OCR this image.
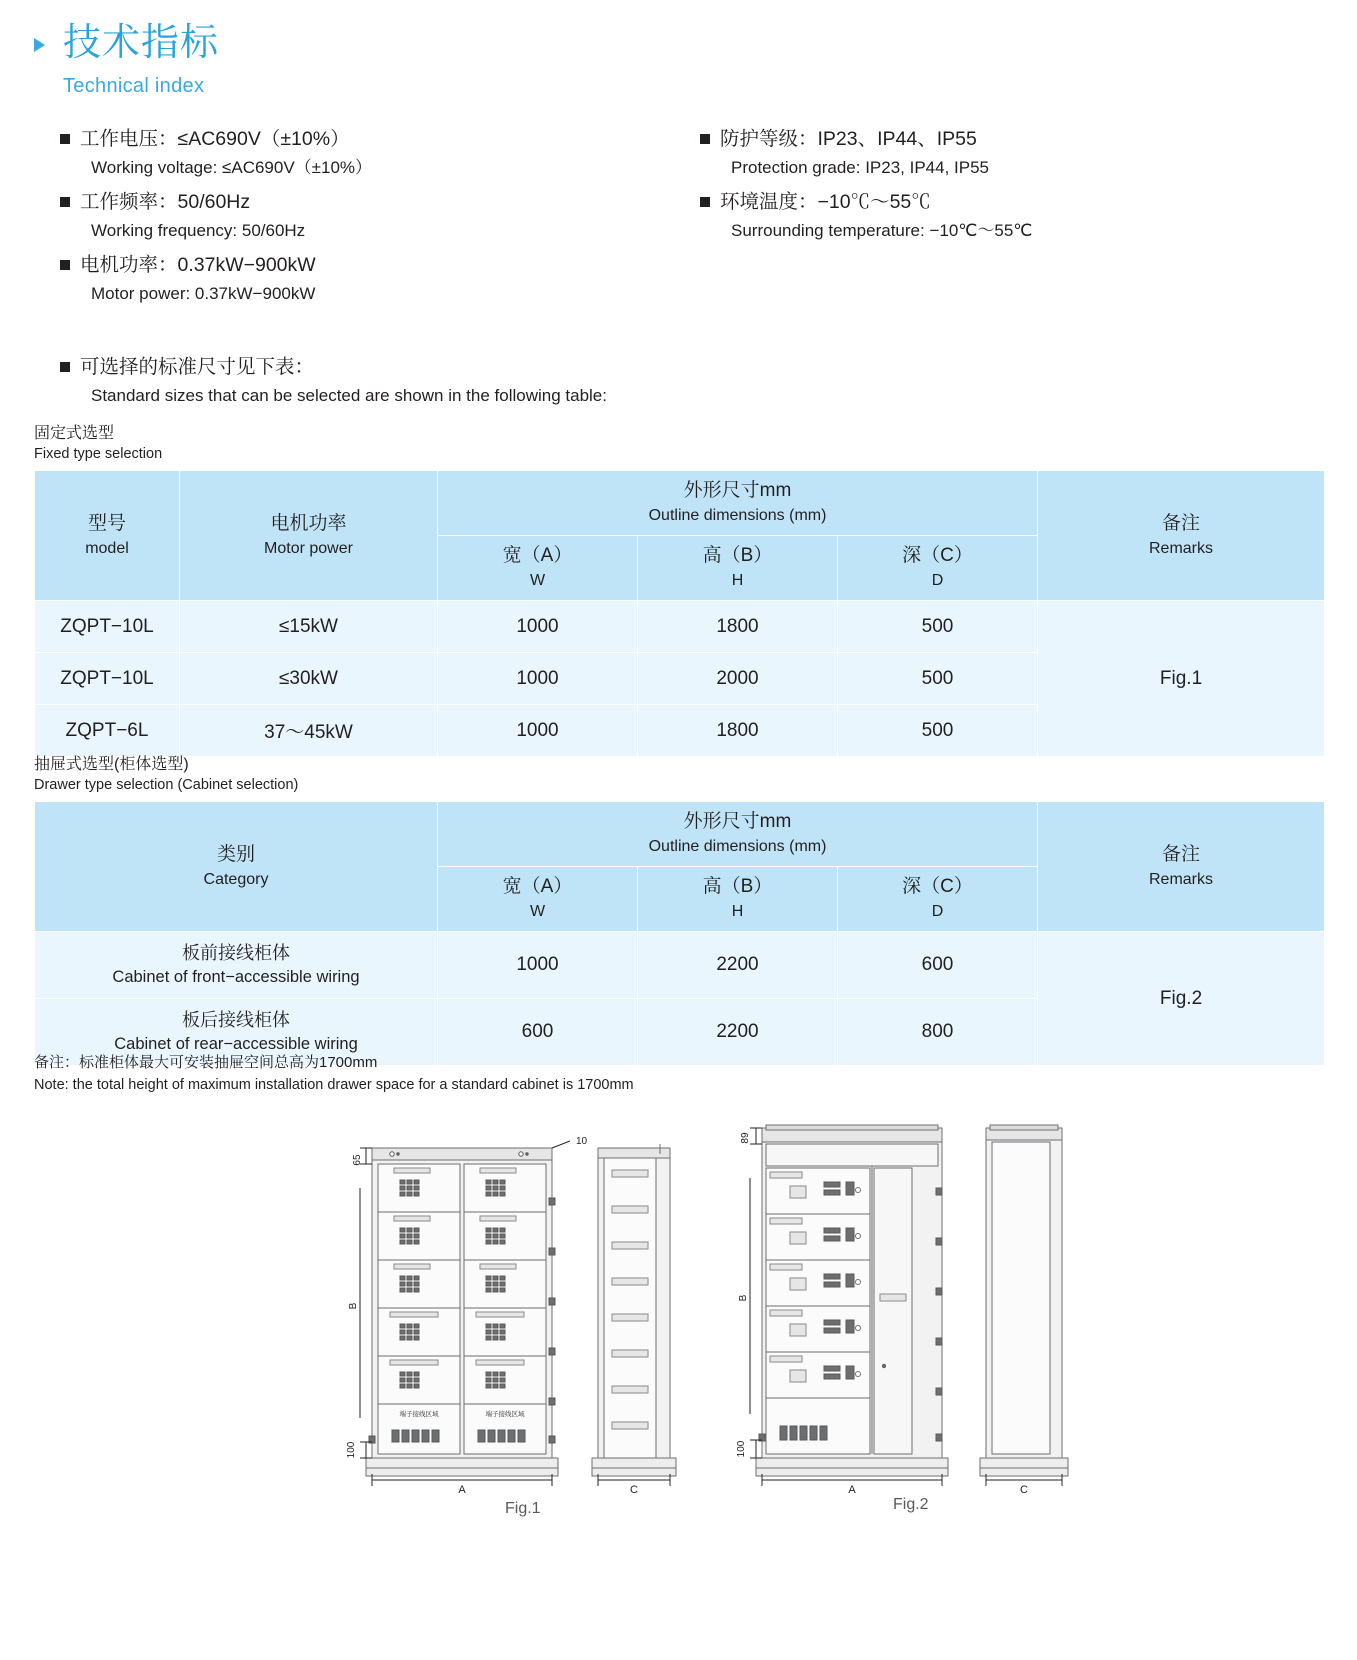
技术指标
Technical index
工作电压：≤AC690V（±10%）
Working voltage: ≤AC690V（±10%）
工作频率：50/60Hz
Working frequency: 50/60Hz
电机功率：0.37kW−900kW
Motor power: 0.37kW−900kW
防护等级：IP23、IP44、IP55
Protection grade: IP23, IP44, IP55
环境温度：−10℃～55℃
Surrounding temperature: −10℃～55℃
可选择的标准尺寸见下表：
Standard sizes that can be selected are shown in the following table:
固定式选型
Fixed type selection
型号
model	电机功率
Motor power	外形尺寸mm
Outline dimensions (mm)			备注
Remarks

		宽（A）
W	高（B）
H	深（C）
D	

ZQPT−10L	≤15kW	1000	1800	500	Fig.1
ZQPT−10L	≤30kW	1000	2000	500	
ZQPT−6L	37～45kW	1000	1800	500	
抽屉式选型(柜体选型)
Drawer type selection (Cabinet selection)
类别
Category	外形尺寸mm
Outline dimensions (mm)			备注
Remarks

	宽（A）
W	高（B）
H	深（C）
D	

板前接线柜体
Cabinet of front−accessible wiring	1000	2200	600	Fig.2
板后接线柜体
Cabinet of rear−accessible wiring	600	2200	800	
备注：标准柜体最大可安装抽屉空间总高为1700mm
Note: the total height of maximum installation drawer space for a standard cabinet is 1700mm
端子接线区域	端子接线区域
65
10
B
100
A	C
89
B
100
A	C
Fig.1	Fig.2
